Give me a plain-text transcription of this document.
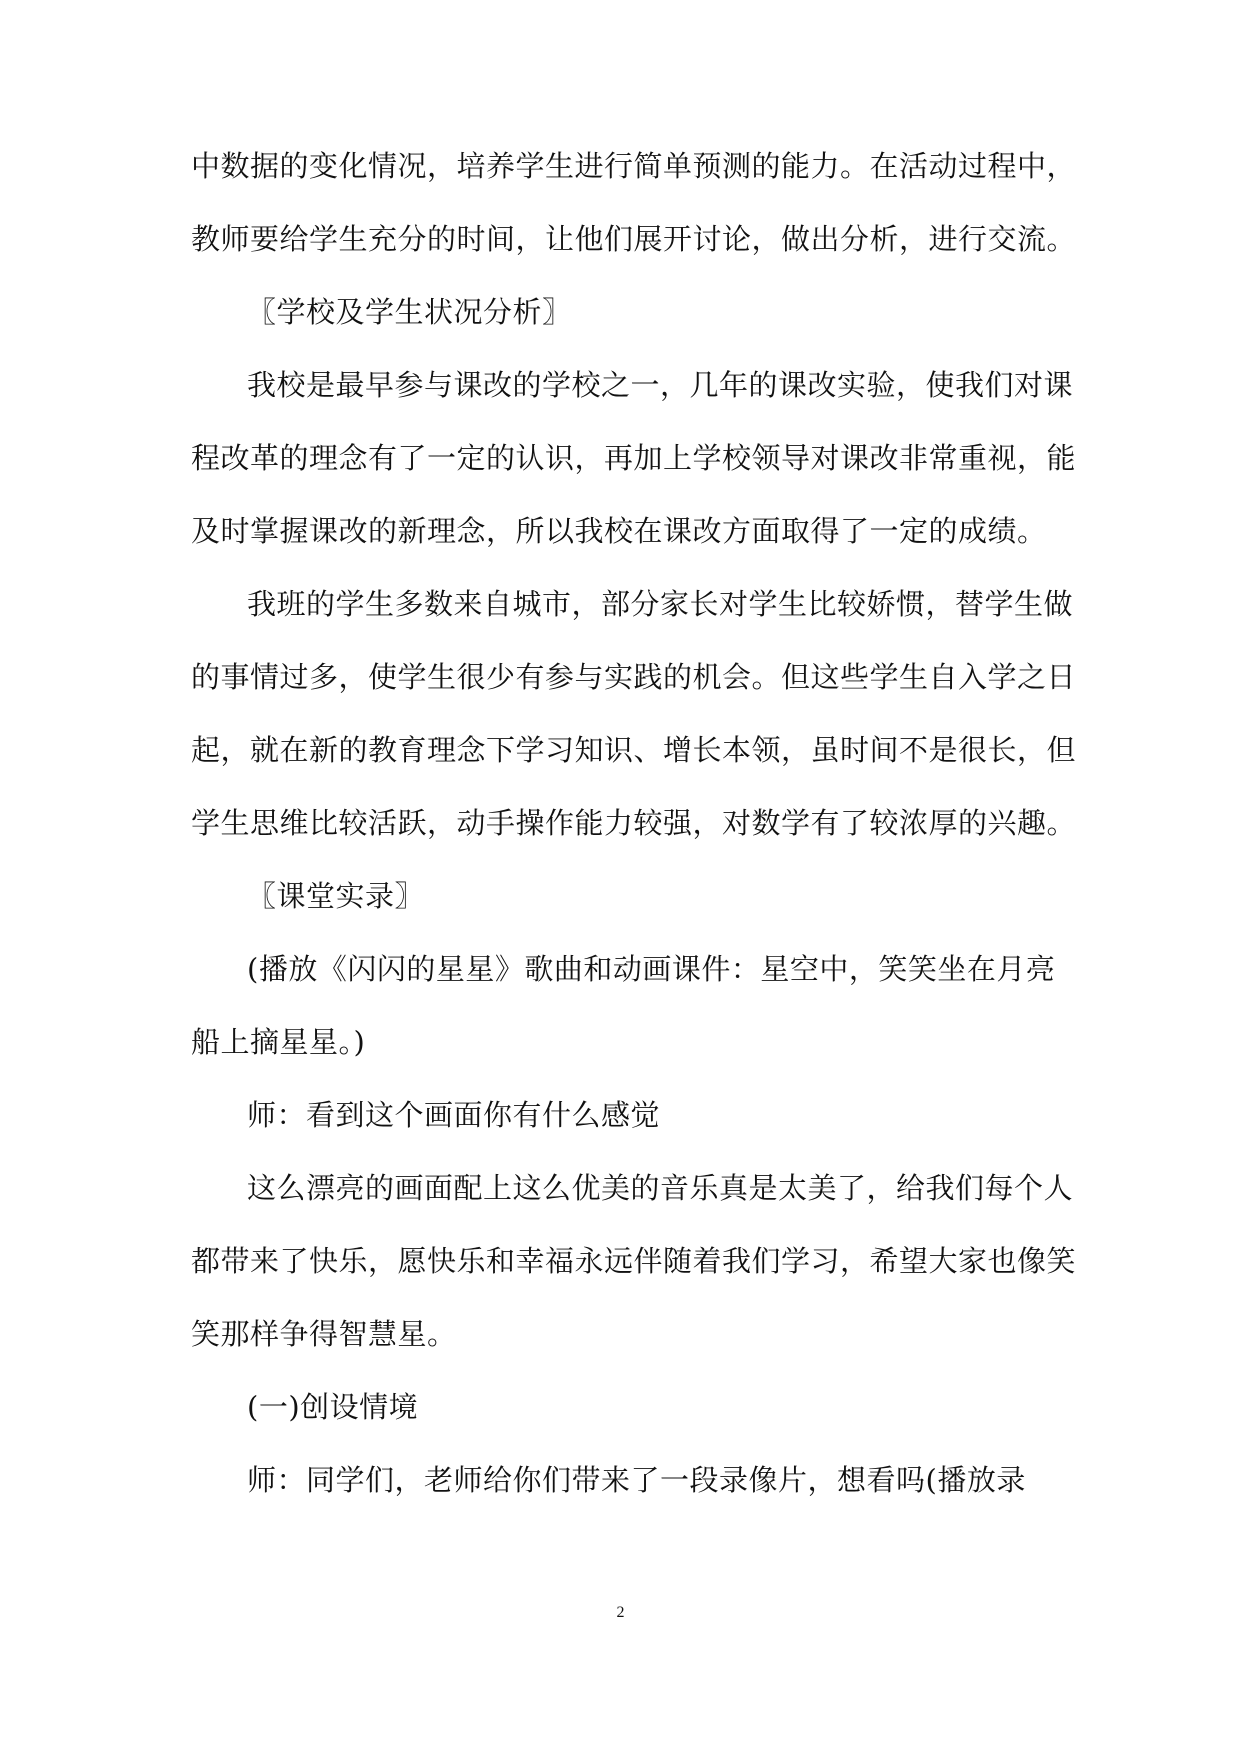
中数据的变化情况，培养学生进行简单预测的能力。在活动过程中，
教师要给学生充分的时间，让他们展开讨论，做出分析，进行交流。
〖学校及学生状况分析〗
我校是最早参与课改的学校之一，几年的课改实验，使我们对课
程改革的理念有了一定的认识，再加上学校领导对课改非常重视，能
及时掌握课改的新理念，所以我校在课改方面取得了一定的成绩。
我班的学生多数来自城市，部分家长对学生比较娇惯，替学生做
的事情过多，使学生很少有参与实践的机会。但这些学生自入学之日
起，就在新的教育理念下学习知识、增长本领，虽时间不是很长，但
学生思维比较活跃，动手操作能力较强，对数学有了较浓厚的兴趣。
〖课堂实录〗
(播放《闪闪的星星》歌曲和动画课件：星空中，笑笑坐在月亮
船上摘星星。)
师：看到这个画面你有什么感觉
这么漂亮的画面配上这么优美的音乐真是太美了，给我们每个人
都带来了快乐，愿快乐和幸福永远伴随着我们学习，希望大家也像笑
笑那样争得智慧星。
(一)创设情境
师：同学们，老师给你们带来了一段录像片，想看吗(播放录
2
